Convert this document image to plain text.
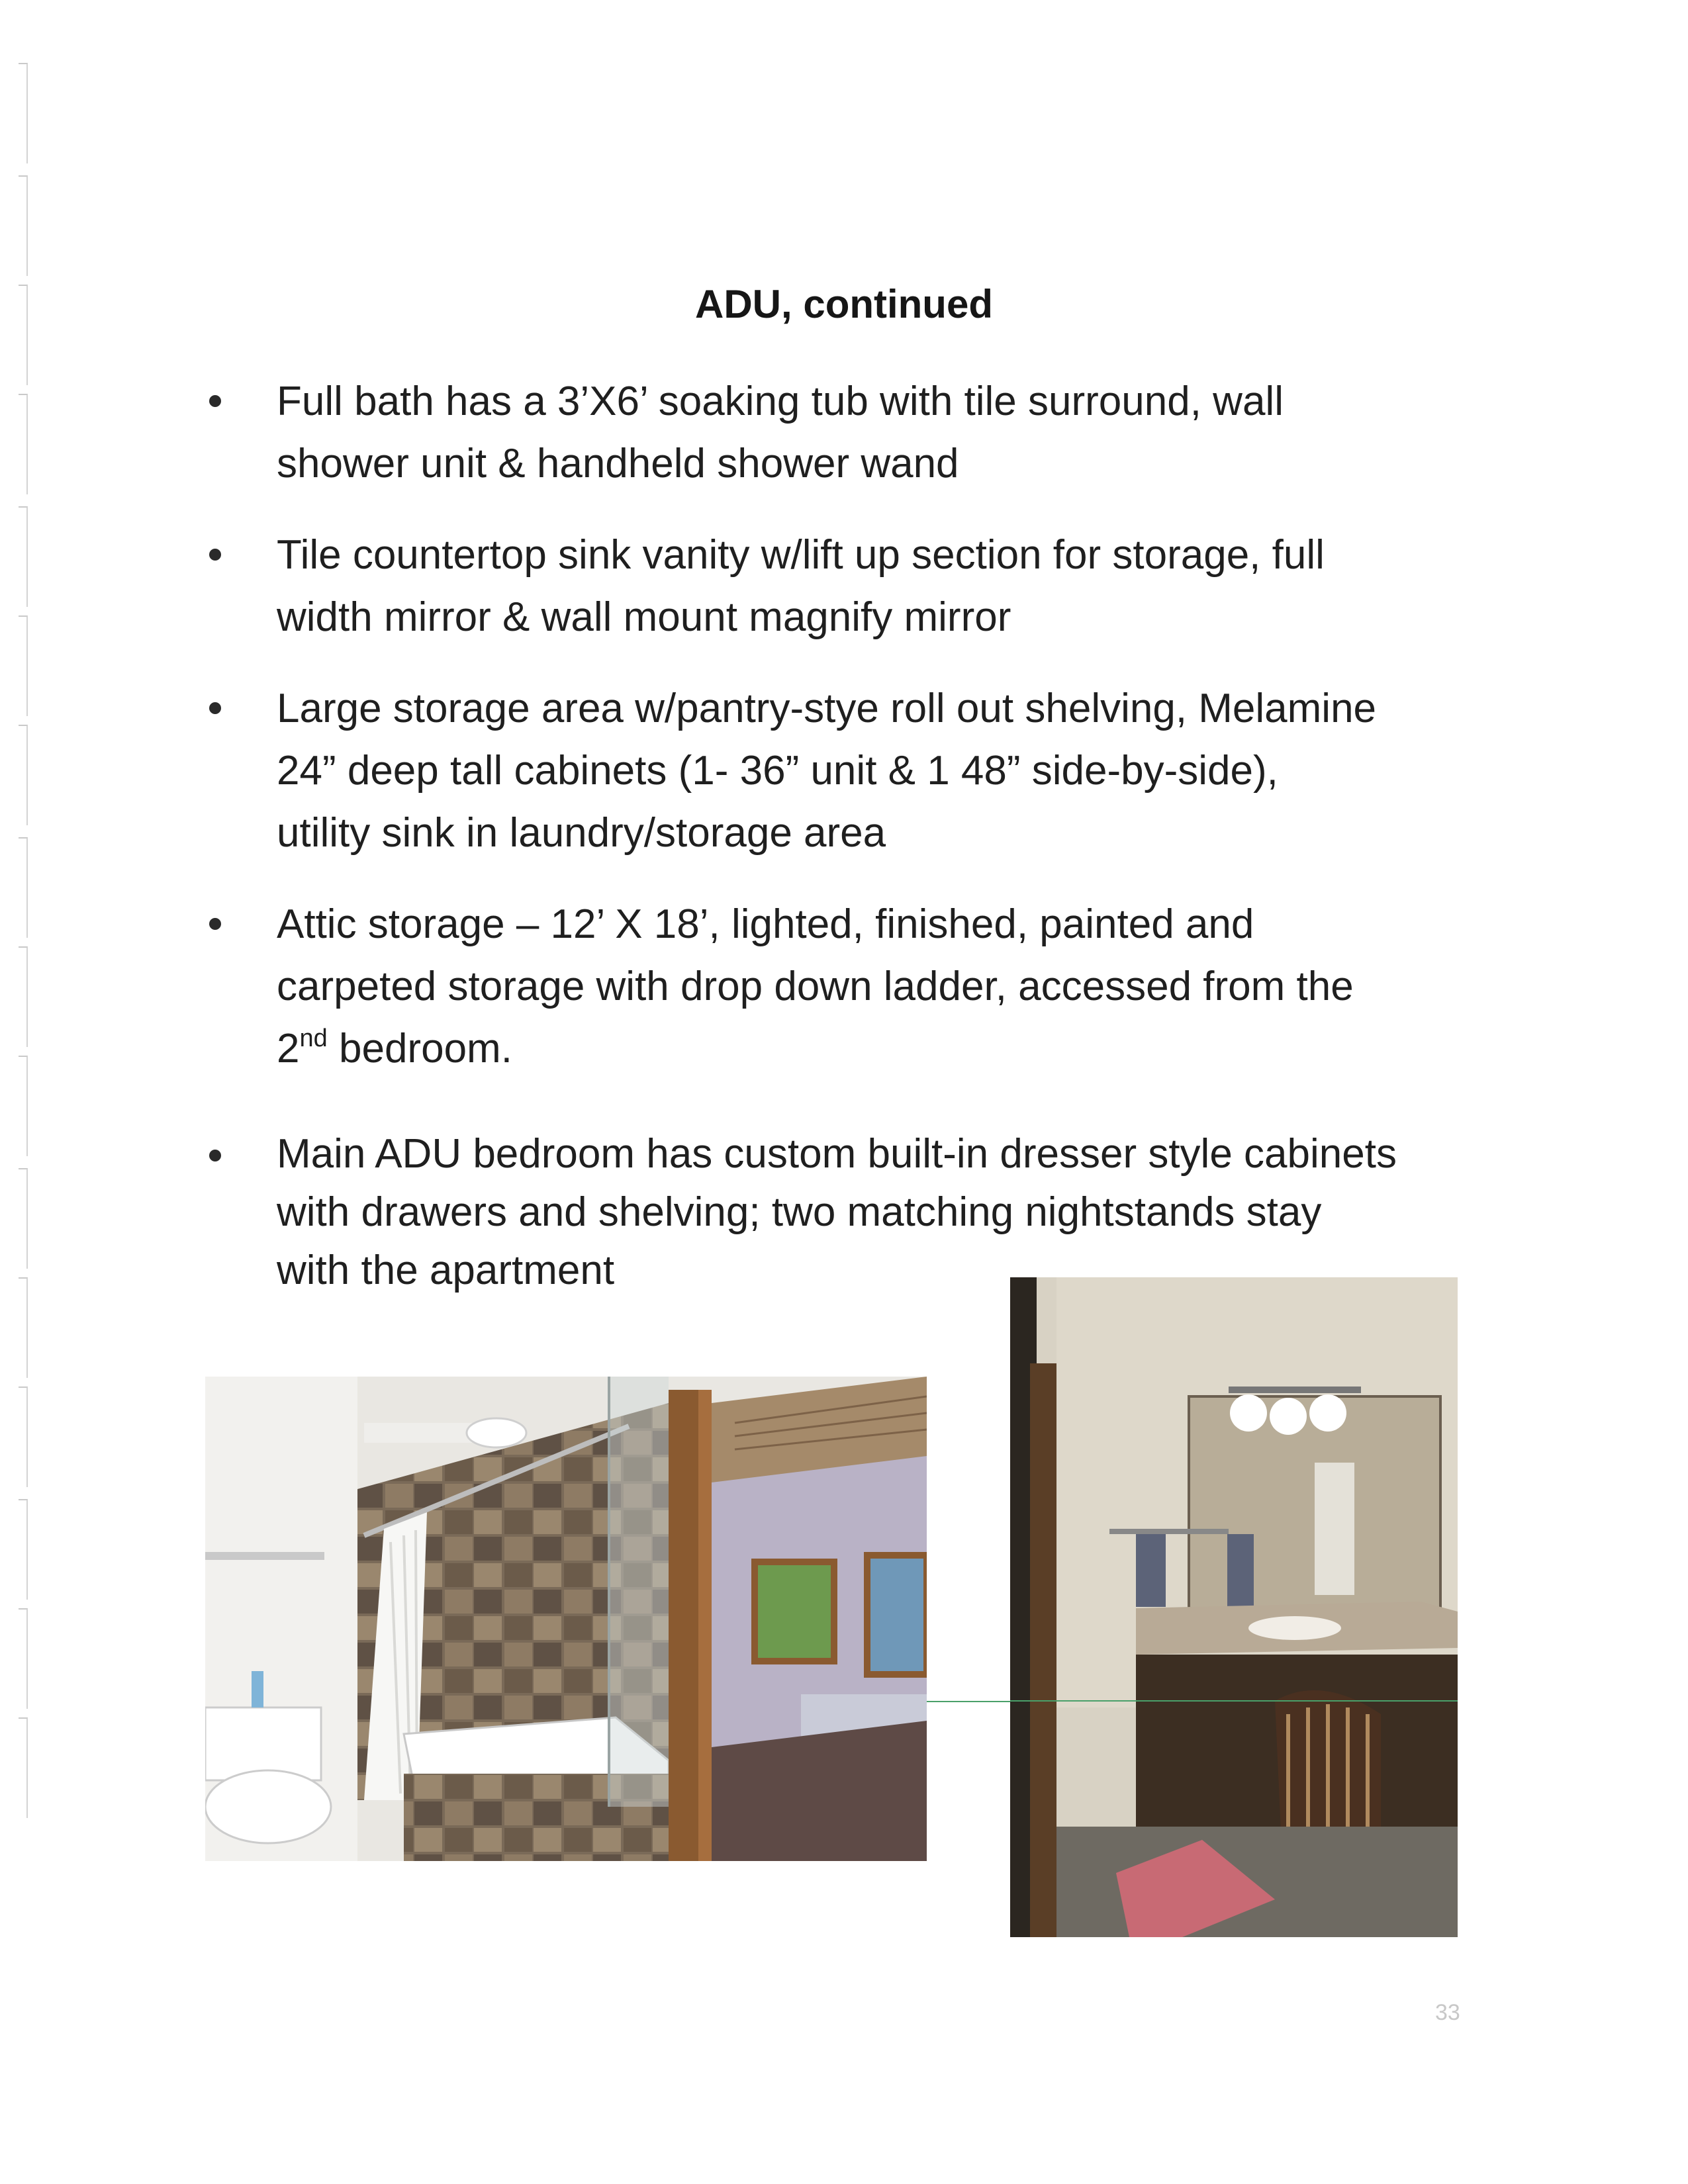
ADU, continued
Full bath has a 3’X6’ soaking tub with tile surround, wall
shower unit & handheld shower wand
Tile countertop sink vanity w/lift up section for storage, full
width mirror & wall mount magnify mirror
Large storage area w/pantry-stye roll out shelving, Melamine
24” deep tall cabinets (1- 36” unit & 1 48” side-by-side),
utility sink in laundry/storage area
Attic storage – 12’ X 18’, lighted, finished, painted and
carpeted storage with drop down ladder, accessed from the
2nd bedroom.
Main ADU bedroom has custom built-in dresser style cabinets
with drawers and shelving; two matching nightstands stay
with the apartment
33
